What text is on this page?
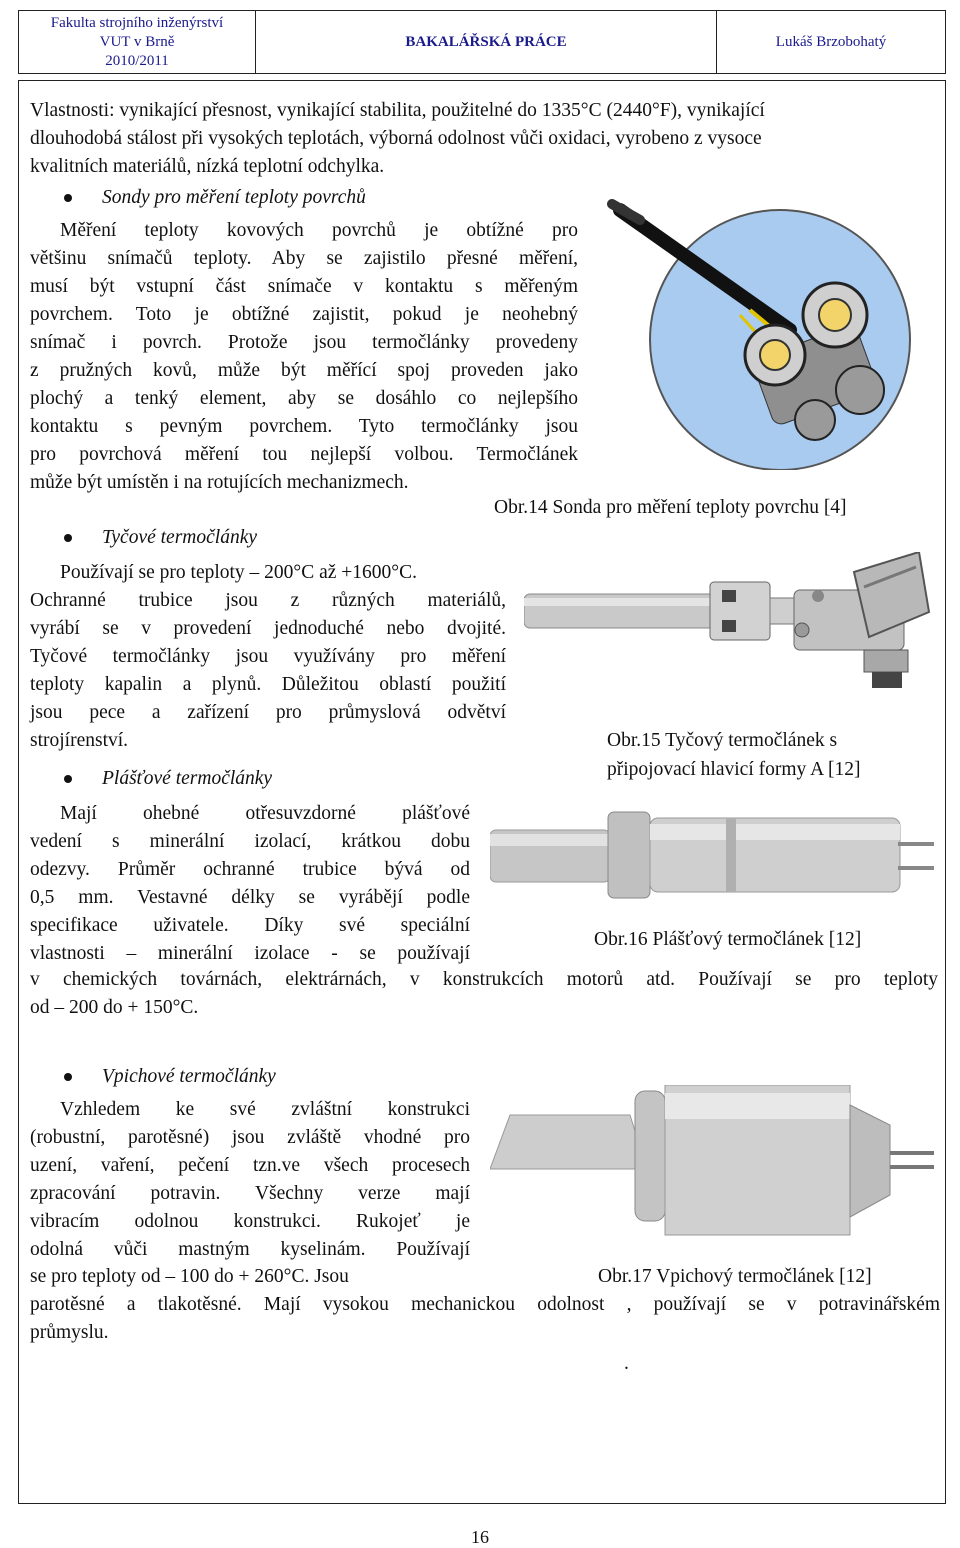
Fakulta strojního inženýrství
VUT v Brně
2010/2011
	BAKALÁŘSKÁ PRÁCE	Lukáš Brzobohatý
Vlastnosti: vynikající přesnost, vynikající stabilita, použitelné do 1335°C (2440°F), vynikající
dlouhodobá stálost při vysokých teplotách, výborná odolnost vůči oxidaci, vyrobeno z vysoce
kvalitních materiálů, nízká teplotní odchylka.
Sondy pro měření teploty povrchů
Měření teploty kovových povrchů je obtížné pro
většinu snímačů teploty. Aby se zajistilo přesné měření,
musí být vstupní část snímače v kontaktu s měřeným
povrchem. Toto je obtížné zajistit, pokud je neohebný
snímač i povrch. Protože jsou termočlánky provedeny
z pružných kovů, může být měřící spoj proveden jako
plochý a tenký element, aby se dosáhlo co nejlepšího
kontaktu s pevným povrchem. Tyto termočlánky jsou
pro povrchová měření tou nejlepší volbou. Termočlánek
může být umístěn i na rotujících mechanizmech.
Obr.14 Sonda pro měření teploty povrchu [4]
Tyčové termočlánky
Používají se pro teploty – 200°C až +1600°C.
Ochranné trubice jsou z různých materiálů,
vyrábí se v provedení jednoduché nebo dvojité.
Tyčové termočlánky jsou využívány pro měření
teploty kapalin a plynů. Důležitou oblastí použití
jsou pece a zařízení pro průmyslová odvětví
strojírenství.	Obr.15 Tyčový termočlánek s
připojovací hlavicí formy A [12]
Plášťové termočlánky
Mají ohebné otřesuvzdorné plášťové
vedení s minerální izolací, krátkou dobu
odezvy. Průměr ochranné trubice bývá od
0,5 mm. Vestavné délky se vyrábějí podle
specifikace uživatele. Díky své speciální
vlastnosti – minerální izolace - se používají
Obr.16 Plášťový termočlánek [12]
v chemických továrnách, elektrárnách, v konstrukcích motorů atd. Používají se pro teploty
od – 200 do + 150°C.
Vpichové termočlánky
Vzhledem ke své zvláštní konstrukci
(robustní, parotěsné) jsou zvláště vhodné pro
uzení, vaření, pečení tzn.ve všech procesech
zpracování potravin. Všechny verze mají
vibracím odolnou konstrukci. Rukojeť je
odolná vůči mastným kyselinám. Používají
se pro teploty od – 100 do + 260°C. Jsou	Obr.17 Vpichový termočlánek [12]
parotěsné a tlakotěsné. Mají vysokou mechanickou odolnost , používají se v potravinářském
průmyslu.
.
16
